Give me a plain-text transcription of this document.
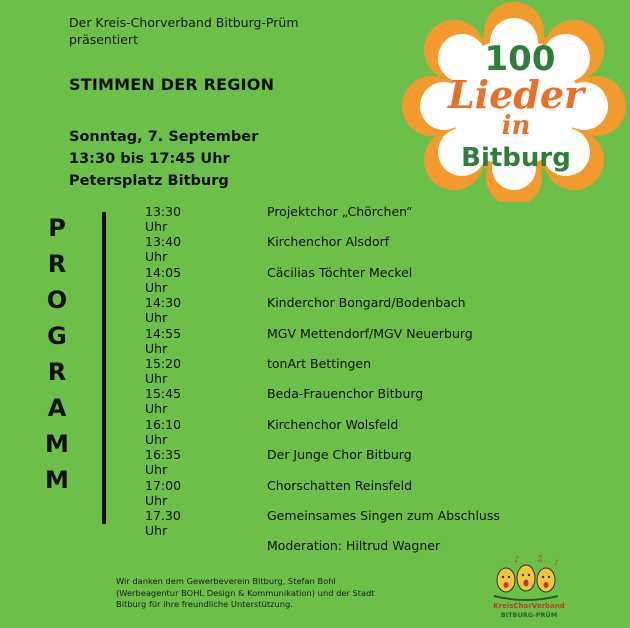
Der Kreis-Chorverband Bitburg-Prüm
präsentiert
STIMMEN DER REGION
Sonntag, 7. September
13:30 bis 17:45 Uhr
Petersplatz Bitburg
100
Lieder
in
Bitburg
P
R
O
G
R
A
M
M
13:30 Uhr
Projektchor „Chörchen“
13:40 Uhr
Kirchenchor Alsdorf
14:05 Uhr
Cäcilias Töchter Meckel
14:30 Uhr
Kinderchor Bongard/Bodenbach
14:55 Uhr
MGV Mettendorf/MGV Neuerburg
15:20 Uhr
tonArt Bettingen
15:45 Uhr
Beda-Frauenchor Bitburg
16:10 Uhr
Kirchenchor Wolsfeld
16:35 Uhr
Der Junge Chor Bitburg
17:00 Uhr
Chorschatten Reinsfeld
17.30 Uhr
Gemeinsames Singen zum Abschluss
Moderation: Hiltrud Wagner
Wir danken dem Gewerbeverein Bitburg, Stefan Bohl (Werbeagentur BOHL Design & Kommunikation) und der Stadt Bitburg für ihre freundliche Unterstützung.
♪ ♫ ♪
KreisChorVerband
BITBURG-PRÜM
